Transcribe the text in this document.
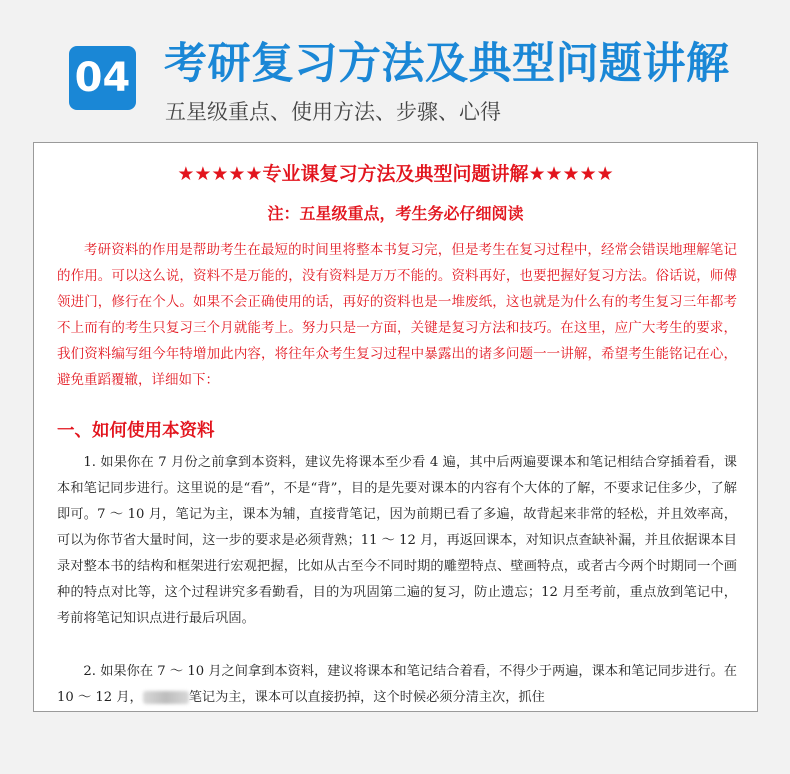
04 考研复习方法及典型问题讲解
五星级重点、使用方法、步骤、心得
★★★★★专业课复习方法及典型问题讲解★★★★★
注：五星级重点，考生务必仔细阅读

考研资料的作用是帮助考生在最短的时间里将整本书复习完，但是考生在复习过程中，经常会错误地理解笔记的作用。可以这么说，资料不是万能的，没有资料是万万不能的。资料再好，也要把握好复习方法。俗话说，师傅领进门，修行在个人。如果不会正确使用的话，再好的资料也是一堆废纸，这也就是为什么有的考生复习三年都考不上而有的考生只复习三个月就能考上。努力只是一方面，关键是复习方法和技巧。在这里，应广大考生的要求，我们资料编写组今年特增加此内容，将往年众考生复习过程中暴露出的诸多问题一一讲解，希望考生能铭记在心，避免重蹈覆辙，详细如下：

一、如何使用本资料

1. 如果你在 7 月份之前拿到本资料，建议先将课本至少看 4 遍，其中后两遍要课本和笔记相结合穿插着看，课本和笔记同步进行。这里说的是“看”，不是“背”，目的是先要对课本的内容有个大体的了解，不要求记住多少，了解即可。7 ～ 10 月，笔记为主，课本为辅，直接背笔记，因为前期已看了多遍，故背起来非常的轻松，并且效率高，可以为你节省大量时间，这一步的要求是必须背熟；11 ～ 12 月，再返回课本，对知识点查缺补漏，并且依据课本目录对整本书的结构和框架进行宏观把握，比如从古至今不同时期的雕塑特点、壁画特点，或者古今两个时期同一个画种的特点对比等，这个过程讲究多看勤看，目的为巩固第二遍的复习，防止遗忘；12 月至考前，重点放到笔记中，考前将笔记知识点进行最后巩固。

2. 如果你在 7 ～ 10 月之间拿到本资料，建议将课本和笔记结合着看，不得少于两遍，课本和笔记同步进行。在 10 ～ 12 月，	笔记为主，课本可以直接扔掉，这个时候必须分清主次，抓住
